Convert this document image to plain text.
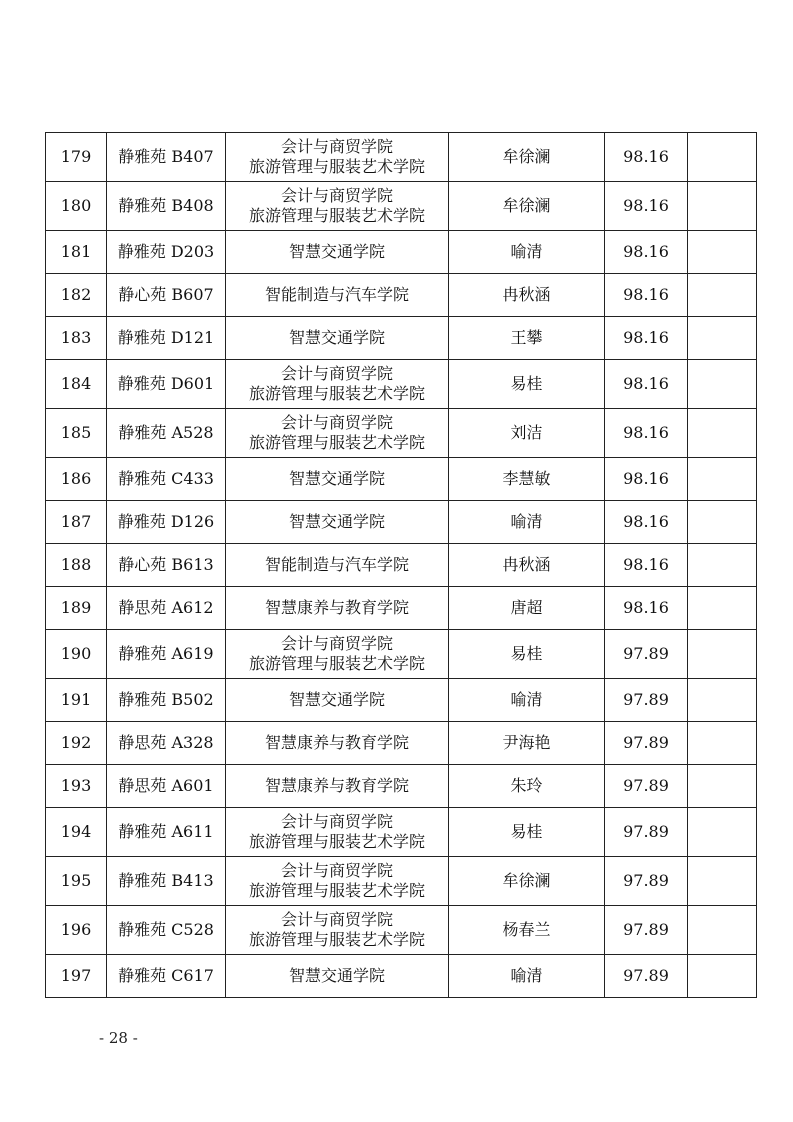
179	静雅苑 B407	会计与商贸学院
旅游管理与服装艺术学院	牟徐澜	98.16	
180	静雅苑 B408	会计与商贸学院
旅游管理与服装艺术学院	牟徐澜	98.16	
181	静雅苑 D203	智慧交通学院	喻清	98.16	
182	静心苑 B607	智能制造与汽车学院	冉秋涵	98.16	
183	静雅苑 D121	智慧交通学院	王攀	98.16	
184	静雅苑 D601	会计与商贸学院
旅游管理与服装艺术学院	易桂	98.16	
185	静雅苑 A528	会计与商贸学院
旅游管理与服装艺术学院	刘洁	98.16	
186	静雅苑 C433	智慧交通学院	李慧敏	98.16	
187	静雅苑 D126	智慧交通学院	喻清	98.16	
188	静心苑 B613	智能制造与汽车学院	冉秋涵	98.16	
189	静思苑 A612	智慧康养与教育学院	唐超	98.16	
190	静雅苑 A619	会计与商贸学院
旅游管理与服装艺术学院	易桂	97.89	
191	静雅苑 B502	智慧交通学院	喻清	97.89	
192	静思苑 A328	智慧康养与教育学院	尹海艳	97.89	
193	静思苑 A601	智慧康养与教育学院	朱玲	97.89	
194	静雅苑 A611	会计与商贸学院
旅游管理与服装艺术学院	易桂	97.89	
195	静雅苑 B413	会计与商贸学院
旅游管理与服装艺术学院	牟徐澜	97.89	
196	静雅苑 C528	会计与商贸学院
旅游管理与服装艺术学院	杨春兰	97.89	
197	静雅苑 C617	智慧交通学院	喻清	97.89	
- 28 -
